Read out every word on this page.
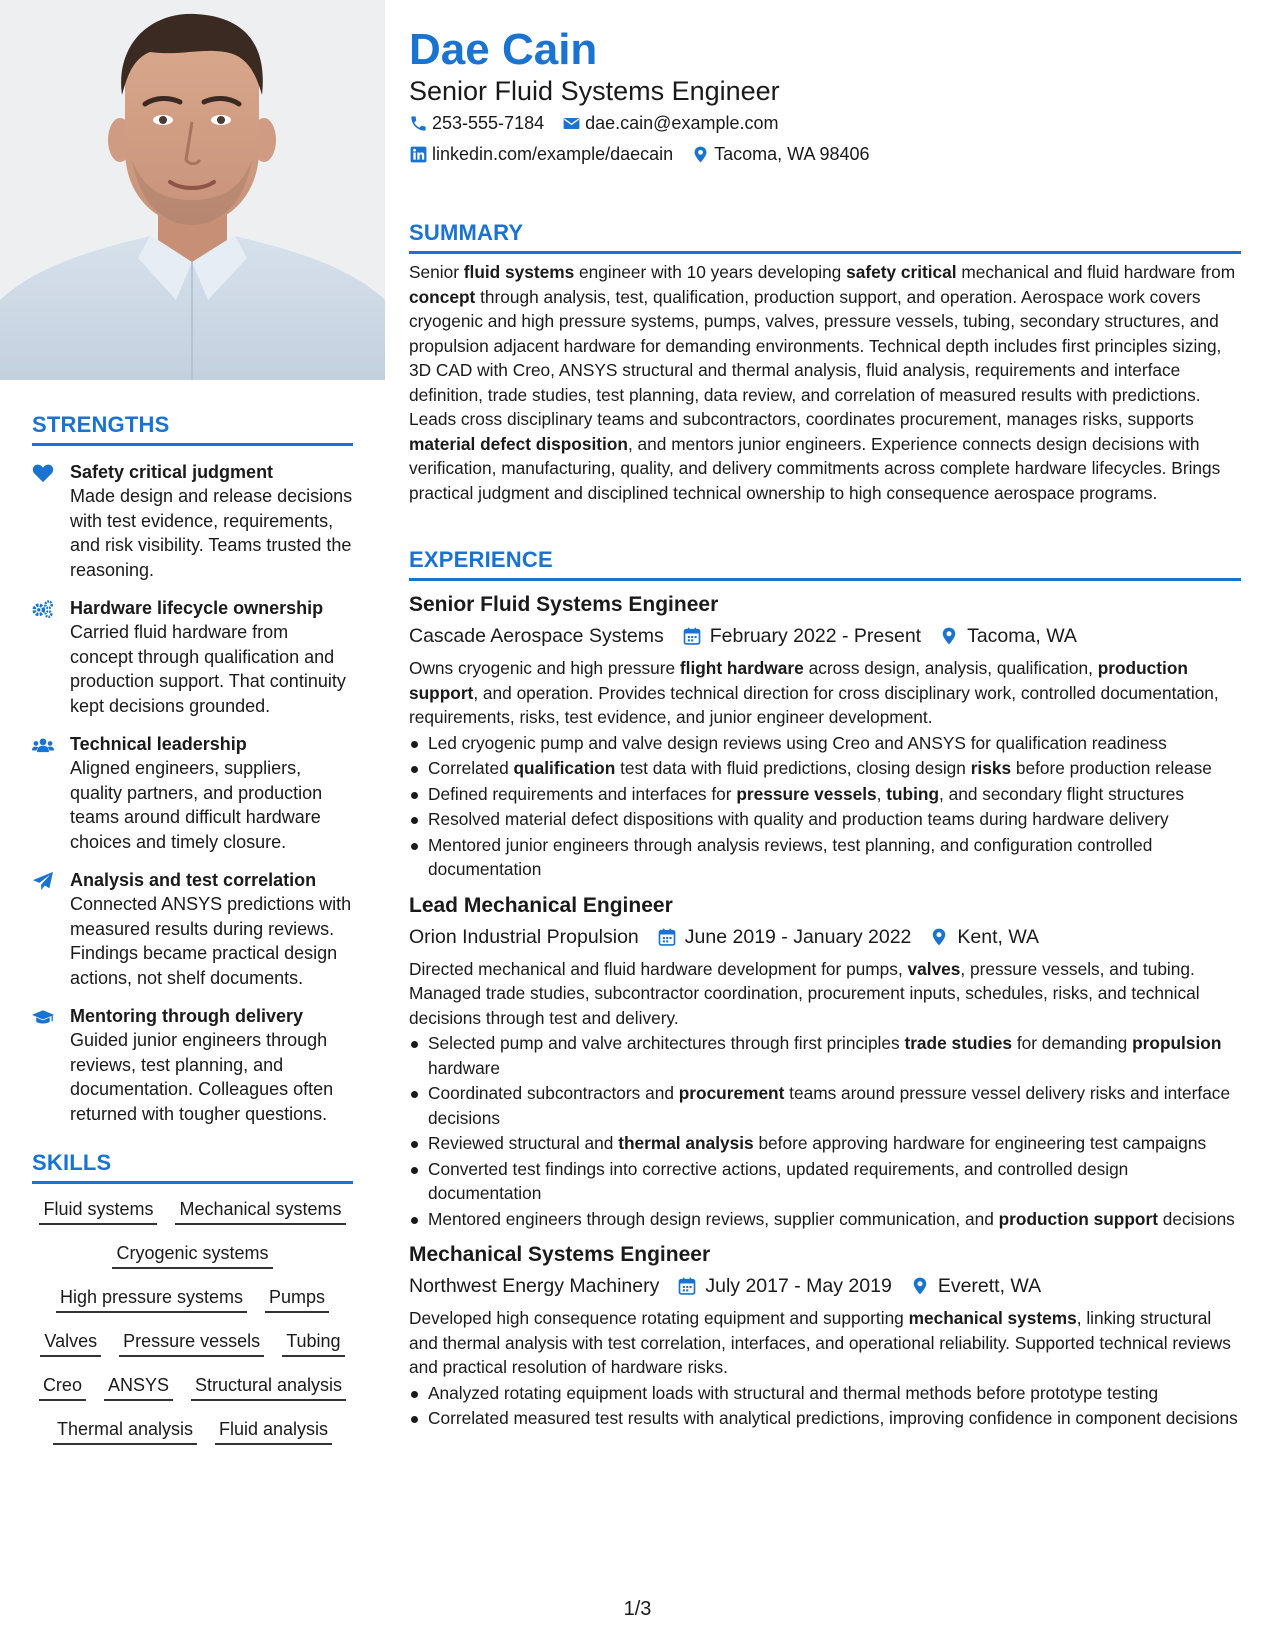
STRENGTHS
Safety critical judgment
Made design and release decisions with test evidence, requirements, and risk visibility. Teams trusted the reasoning.
Hardware lifecycle ownership
Carried fluid hardware from concept through qualification and production support. That continuity kept decisions grounded.
Technical leadership
Aligned engineers, suppliers, quality partners, and production teams around difficult hardware choices and timely closure.
Analysis and test correlation
Connected ANSYS predictions with measured results during reviews. Findings became practical design actions, not shelf documents.
Mentoring through delivery
Guided junior engineers through reviews, test planning, and documentation. Colleagues often returned with tougher questions.
SKILLS
Fluid systems Mechanical systems
Cryogenic systems
High pressure systems Pumps
Valves Pressure vessels Tubing
Creo ANSYS Structural analysis
Thermal analysis Fluid analysis
Dae Cain
Senior Fluid Systems Engineer
253-555-7184 dae.cain@example.com
linkedin.com/example/daecain Tacoma, WA 98406
SUMMARY
Senior fluid systems engineer with 10 years developing safety critical mechanical and fluid hardware from concept through analysis, test, qualification, production support, and operation. Aerospace work covers cryogenic and high pressure systems, pumps, valves, pressure vessels, tubing, secondary structures, and propulsion adjacent hardware for demanding environments. Technical depth includes first principles sizing, 3D CAD with Creo, ANSYS structural and thermal analysis, fluid analysis, requirements and interface definition, trade studies, test planning, data review, and correlation of measured results with predictions. Leads cross disciplinary teams and subcontractors, coordinates procurement, manages risks, supports material defect disposition, and mentors junior engineers. Experience connects design decisions with verification, manufacturing, quality, and delivery commitments across complete hardware lifecycles. Brings practical judgment and disciplined technical ownership to high consequence aerospace programs.
EXPERIENCE
Senior Fluid Systems Engineer
Cascade Aerospace Systems February 2022 - Present Tacoma, WA
Owns cryogenic and high pressure flight hardware across design, analysis, qualification, production support, and operation. Provides technical direction for cross disciplinary work, controlled documentation, requirements, risks, test evidence, and junior engineer development.
Led cryogenic pump and valve design reviews using Creo and ANSYS for qualification readiness
Correlated qualification test data with fluid predictions, closing design risks before production release
Defined requirements and interfaces for pressure vessels, tubing, and secondary flight structures
Resolved material defect dispositions with quality and production teams during hardware delivery
Mentored junior engineers through analysis reviews, test planning, and configuration controlled documentation
Lead Mechanical Engineer
Orion Industrial Propulsion June 2019 - January 2022 Kent, WA
Directed mechanical and fluid hardware development for pumps, valves, pressure vessels, and tubing. Managed trade studies, subcontractor coordination, procurement inputs, schedules, risks, and technical decisions through test and delivery.
Selected pump and valve architectures through first principles trade studies for demanding propulsion hardware
Coordinated subcontractors and procurement teams around pressure vessel delivery risks and interface decisions
Reviewed structural and thermal analysis before approving hardware for engineering test campaigns
Converted test findings into corrective actions, updated requirements, and controlled design documentation
Mentored engineers through design reviews, supplier communication, and production support decisions
Mechanical Systems Engineer
Northwest Energy Machinery July 2017 - May 2019 Everett, WA
Developed high consequence rotating equipment and supporting mechanical systems, linking structural and thermal analysis with test correlation, interfaces, and operational reliability. Supported technical reviews and practical resolution of hardware risks.
Analyzed rotating equipment loads with structural and thermal methods before prototype testing
Correlated measured test results with analytical predictions, improving confidence in component decisions
1/3
